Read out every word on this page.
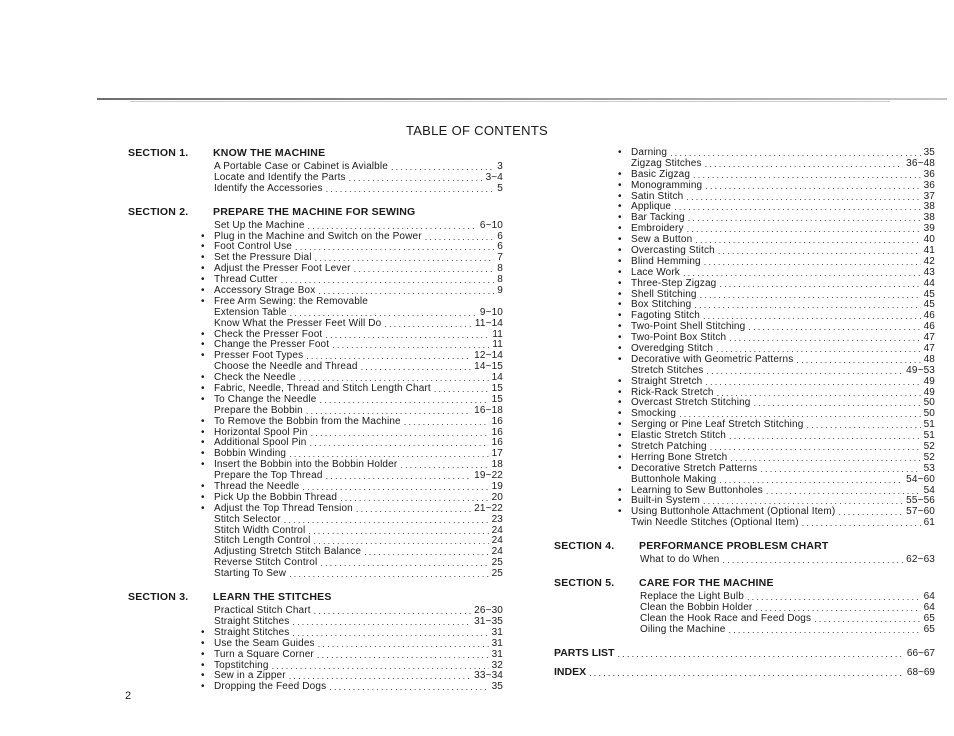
TABLE OF CONTENTS
SECTION 1.	KNOW THE MACHINE
A Portable Case or Cabinet is Avialble .....	3
Locate and Identify the Parts .....	3~4
Identify the Accessories .....	5
SECTION 2.	PREPARE THE MACHINE FOR SEWING
Set Up the Machine .....	6~10
• Plug in the Machine and Switch on the Power .....	6
• Foot Control Use .....	6
• Set the Pressure Dial .....	7
• Adjust the Presser Foot Lever .....	8
• Thread Cutter .....	8
• Accessory Strage Box .....	9
• Free Arm Sewing: the Removable
Extension Table .....	9~10
Know What the Presser Feet Will Do .....	11~14
• Check the Presser Foot .....	11
• Change the Presser Foot .....	11
• Presser Foot Types .....	12~14
Choose the Needle and Thread .....	14~15
• Check the Needle .....	14
• Fabric, Needle, Thread and Stitch Length Chart .....	15
• To Change the Needle .....	15
Prepare the Bobbin .....	16~18
• To Remove the Bobbin from the Machine .....	16
• Horizontal Spool Pin .....	16
• Additional Spool Pin .....	16
• Bobbin Winding .....	17
• Insert the Bobbin into the Bobbin Holder .....	18
Prepare the Top Thread .....	19~22
• Thread the Needle .....	19
• Pick Up the Bobbin Thread .....	20
• Adjust the Top Thread Tension .....	21~22
Stitch Selector .....	23
Stitch Width Control .....	24
Stitch Length Control .....	24
Adjusting Stretch Stitch Balance .....	24
Reverse Stitch Control .....	25
Starting To Sew .....	25
SECTION 3.	LEARN THE STITCHES
Practical Stitch Chart .....	26~30
Straight Stitches .....	31~35
• Straight Stitches .....	31
• Use the Seam Guides .....	31
• Turn a Square Corner .....	31
• Topstitching .....	32
• Sew in a Zipper .....	33~34
• Dropping the Feed Dogs .....	35
• Darning .....	35
Zigzag Stitches .....	36~48
• Basic Zigzag .....	36
• Monogramming .....	36
• Satin Stitch .....	37
• Applique .....	38
• Bar Tacking .....	38
• Embroidery .....	39
• Sew a Button .....	40
• Overcasting Stitch .....	41
• Blind Hemming .....	42
• Lace Work .....	43
• Three-Step Zigzag .....	44
• Shell Stitching .....	45
• Box Stitching .....	45
• Fagoting Stitch .....	46
• Two-Point Shell Stitching .....	46
• Two-Point Box Stitch .....	47
• Overedging Stitch .....	47
• Decorative with Geometric Patterns .....	48
Stretch Stitches .....	49~53
• Straight Stretch .....	49
• Rick-Rack Stretch .....	49
• Overcast Stretch Stitching .....	50
• Smocking .....	50
• Serging or Pine Leaf Stretch Stitching .....	51
• Elastic Stretch Stitch .....	51
• Stretch Patching .....	52
• Herring Bone Stretch .....	52
• Decorative Stretch Patterns .....	53
Buttonhole Making .....	54~60
• Learning to Sew Buttonholes .....	54
• Built-in System .....	55~56
• Using Buttonhole Attachment (Optional Item) .....	57~60
Twin Needle Stitches (Optional Item) .....	61
SECTION 4.	PERFORMANCE PROBLESM CHART
What to do When .....	62~63
SECTION 5.	CARE FOR THE MACHINE
Replace the Light Bulb .....	64
Clean the Bobbin Holder .....	64
Clean the Hook Race and Feed Dogs .....	65
Oiling the Machine .....	65
PARTS LIST .....	66~67
INDEX .....	68~69
2
